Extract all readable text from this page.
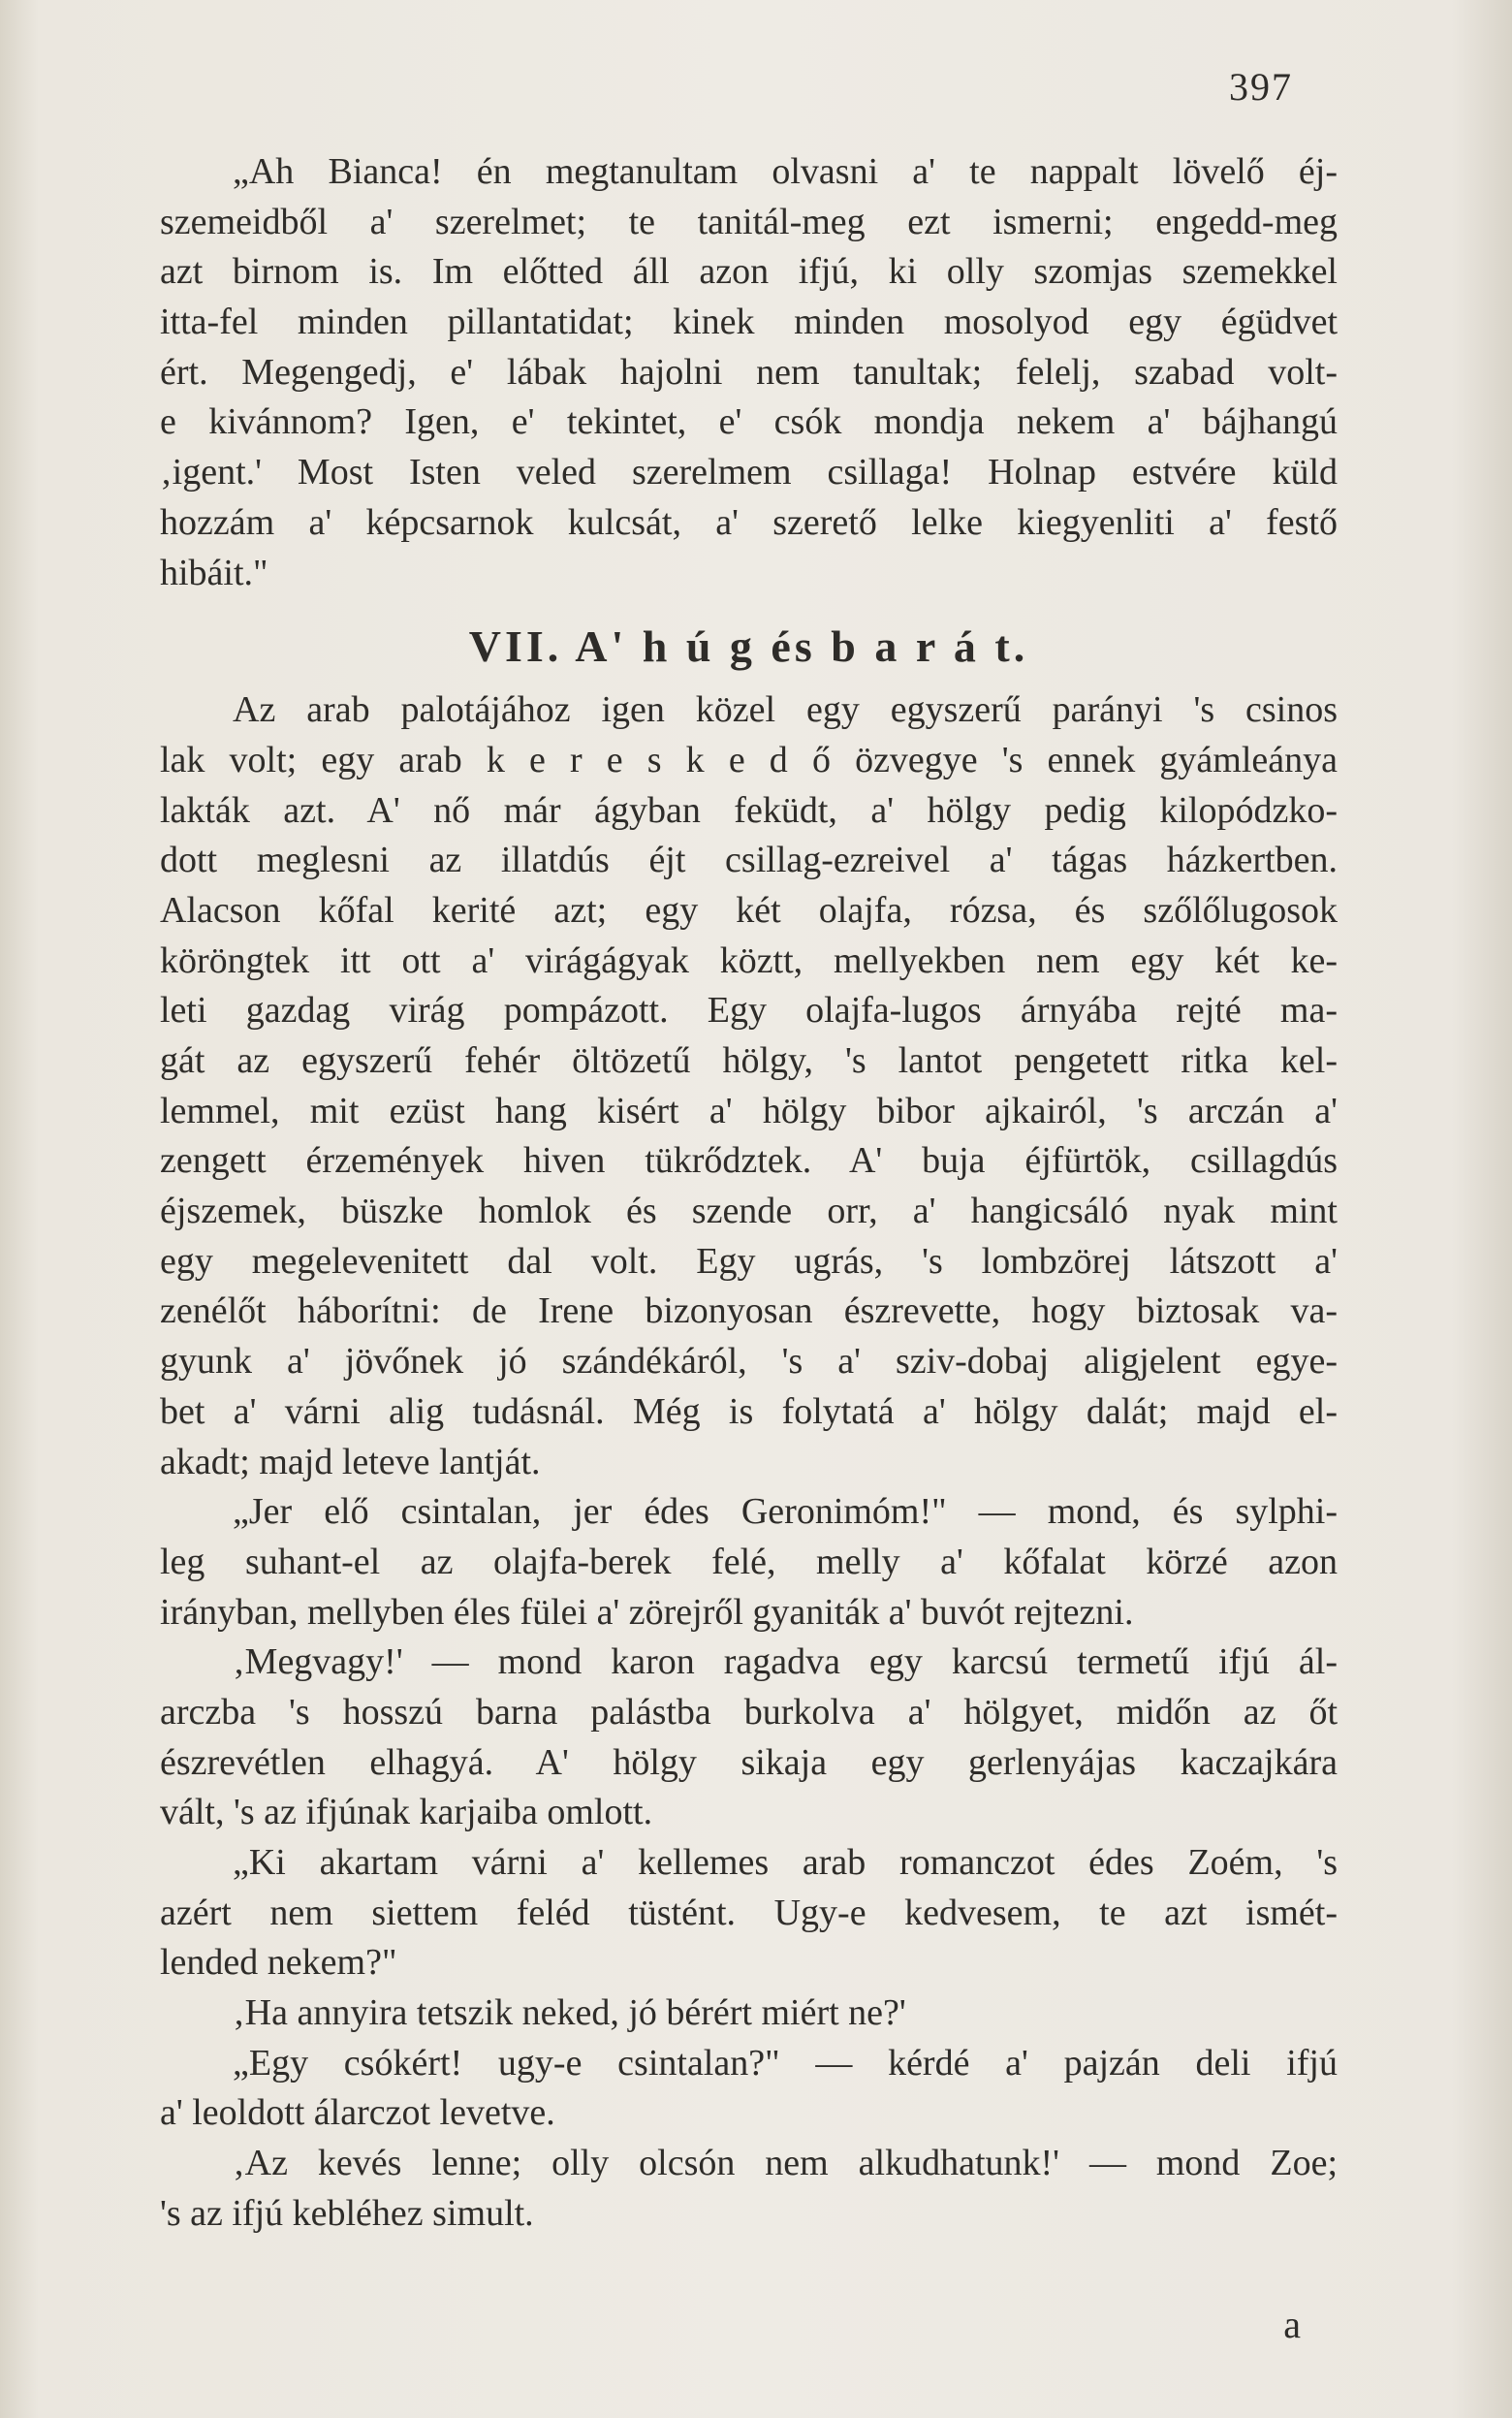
397
„Ah Bianca! én megtanultam olvasni a' te nappalt lövelő éj-
szemeidből a' szerelmet; te tanitál-meg ezt ismerni; engedd-meg
azt birnom is. Im előtted áll azon ifjú, ki olly szomjas szemekkel
itta-fel minden pillantatidat; kinek minden mosolyod egy égüdvet
ért. Megengedj, e' lábak hajolni nem tanultak; felelj, szabad volt-
e kivánnom? Igen, e' tekintet, e' csók mondja nekem a' bájhangú
‚igent.' Most Isten veled szerelmem csillaga! Holnap estvére küld
hozzám a' képcsarnok kulcsát, a' szerető lelke kiegyenliti a' festő
hibáit."
VII. A' h ú g és b a r á t.
Az arab palotájához igen közel egy egyszerű parányi 's csinos
lak volt; egy arab k e r e s k e d ő özvegye 's ennek gyámleánya
lakták azt. A' nő már ágyban feküdt, a' hölgy pedig kilopódzko-
dott meglesni az illatdús éjt csillag-ezreivel a' tágas házkertben.
Alacson kőfal kerité azt; egy két olajfa, rózsa, és szőlőlugosok
köröngtek itt ott a' virágágyak köztt, mellyekben nem egy két ke-
leti gazdag virág pompázott. Egy olajfa-lugos árnyába rejté ma-
gát az egyszerű fehér öltözetű hölgy, 's lantot pengetett ritka kel-
lemmel, mit ezüst hang kisért a' hölgy bibor ajkairól, 's arczán a'
zengett érzemények hiven tükrődztek. A' buja éjfürtök, csillagdús
éjszemek, büszke homlok és szende orr, a' hangicsáló nyak mint
egy megelevenitett dal volt. Egy ugrás, 's lombzörej látszott a'
zenélőt háborítni: de Irene bizonyosan észrevette, hogy biztosak va-
gyunk a' jövőnek jó szándékáról, 's a' sziv-dobaj aligjelent egye-
bet a' várni alig tudásnál. Még is folytatá a' hölgy dalát; majd el-
akadt; majd leteve lantját.
„Jer elő csintalan, jer édes Geronimóm!" — mond, és sylphi-
leg suhant-el az olajfa-berek felé, melly a' kőfalat körzé azon
irányban, mellyben éles fülei a' zörejről gyaniták a' buvót rejtezni.
‚Megvagy!' — mond karon ragadva egy karcsú termetű ifjú ál-
arczba 's hosszú barna palástba burkolva a' hölgyet, midőn az őt
észrevétlen elhagyá. A' hölgy sikaja egy gerlenyájas kaczajkára
vált, 's az ifjúnak karjaiba omlott.
„Ki akartam várni a' kellemes arab romanczot édes Zoém, 's
azért nem siettem feléd tüstént. Ugy-e kedvesem, te azt ismét-
lended nekem?"
‚Ha annyira tetszik neked, jó bérért miért ne?'
„Egy csókért! ugy-e csintalan?" — kérdé a' pajzán deli ifjú
a' leoldott álarczot levetve.
‚Az kevés lenne; olly olcsón nem alkudhatunk!' — mond Zoe;
's az ifjú kebléhez simult.
a
